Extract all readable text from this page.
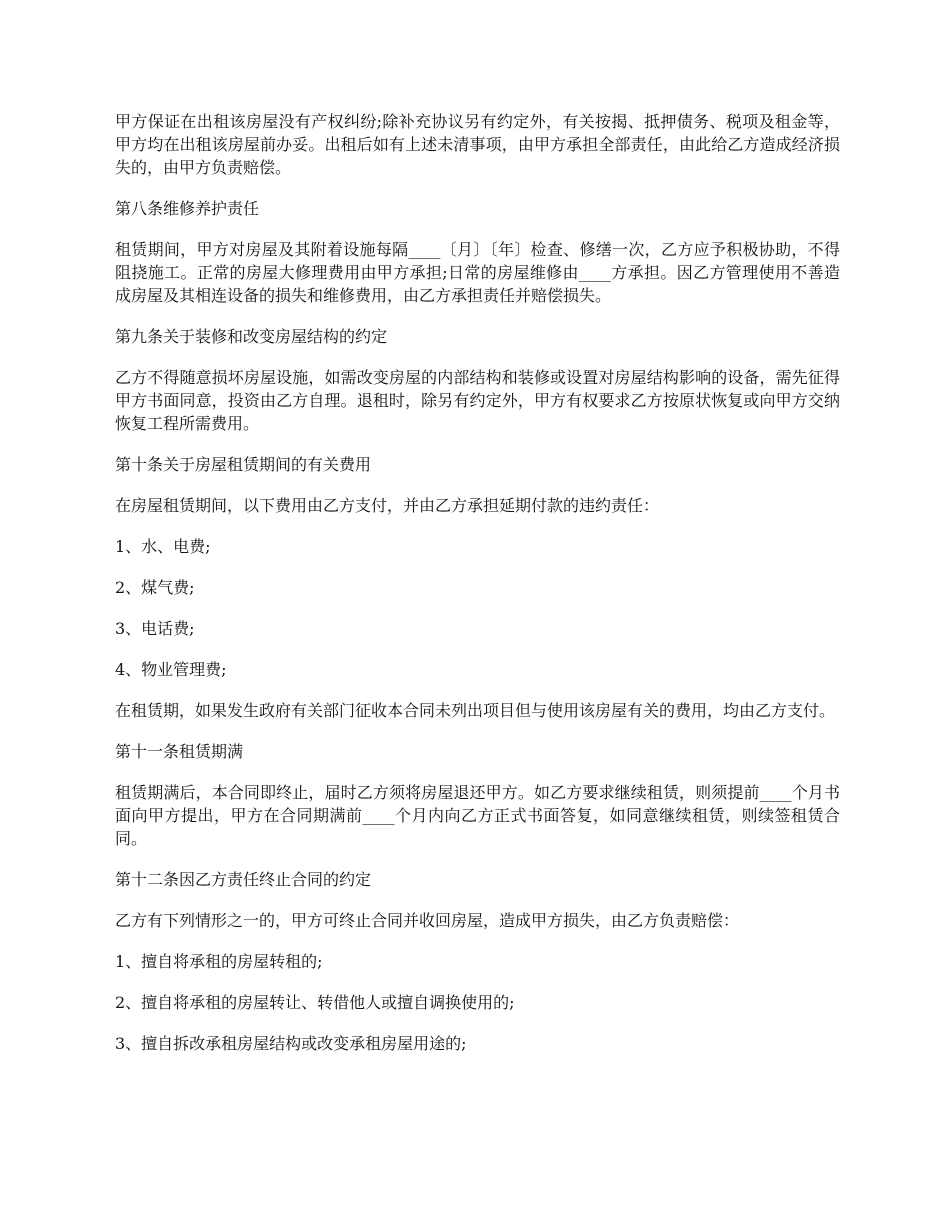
甲方保证在出租该房屋没有产权纠纷;除补充协议另有约定外，有关按揭、抵押债务、税项及租金等，甲方均在出租该房屋前办妥。出租后如有上述未清事项，由甲方承担全部责任，由此给乙方造成经济损失的，由甲方负责赔偿。

第八条维修养护责任

租赁期间，甲方对房屋及其附着设施每隔____〔月〕〔年〕检查、修缮一次，乙方应予积极协助，不得阻挠施工。正常的房屋大修理费用由甲方承担;日常的房屋维修由____方承担。因乙方管理使用不善造成房屋及其相连设备的损失和维修费用，由乙方承担责任并赔偿损失。

第九条关于装修和改变房屋结构的约定

乙方不得随意损坏房屋设施，如需改变房屋的内部结构和装修或设置对房屋结构影响的设备，需先征得甲方书面同意，投资由乙方自理。退租时，除另有约定外，甲方有权要求乙方按原状恢复或向甲方交纳恢复工程所需费用。

第十条关于房屋租赁期间的有关费用

在房屋租赁期间，以下费用由乙方支付，并由乙方承担延期付款的违约责任：

1、水、电费;

2、煤气费;

3、电话费;

4、物业管理费;

在租赁期，如果发生政府有关部门征收本合同未列出项目但与使用该房屋有关的费用，均由乙方支付。

第十一条租赁期满

租赁期满后，本合同即终止，届时乙方须将房屋退还甲方。如乙方要求继续租赁，则须提前____个月书面向甲方提出，甲方在合同期满前____个月内向乙方正式书面答复，如同意继续租赁，则续签租赁合同。

第十二条因乙方责任终止合同的约定

乙方有下列情形之一的，甲方可终止合同并收回房屋，造成甲方损失，由乙方负责赔偿：

1、擅自将承租的房屋转租的;

2、擅自将承租的房屋转让、转借他人或擅自调换使用的;

3、擅自拆改承租房屋结构或改变承租房屋用途的;
